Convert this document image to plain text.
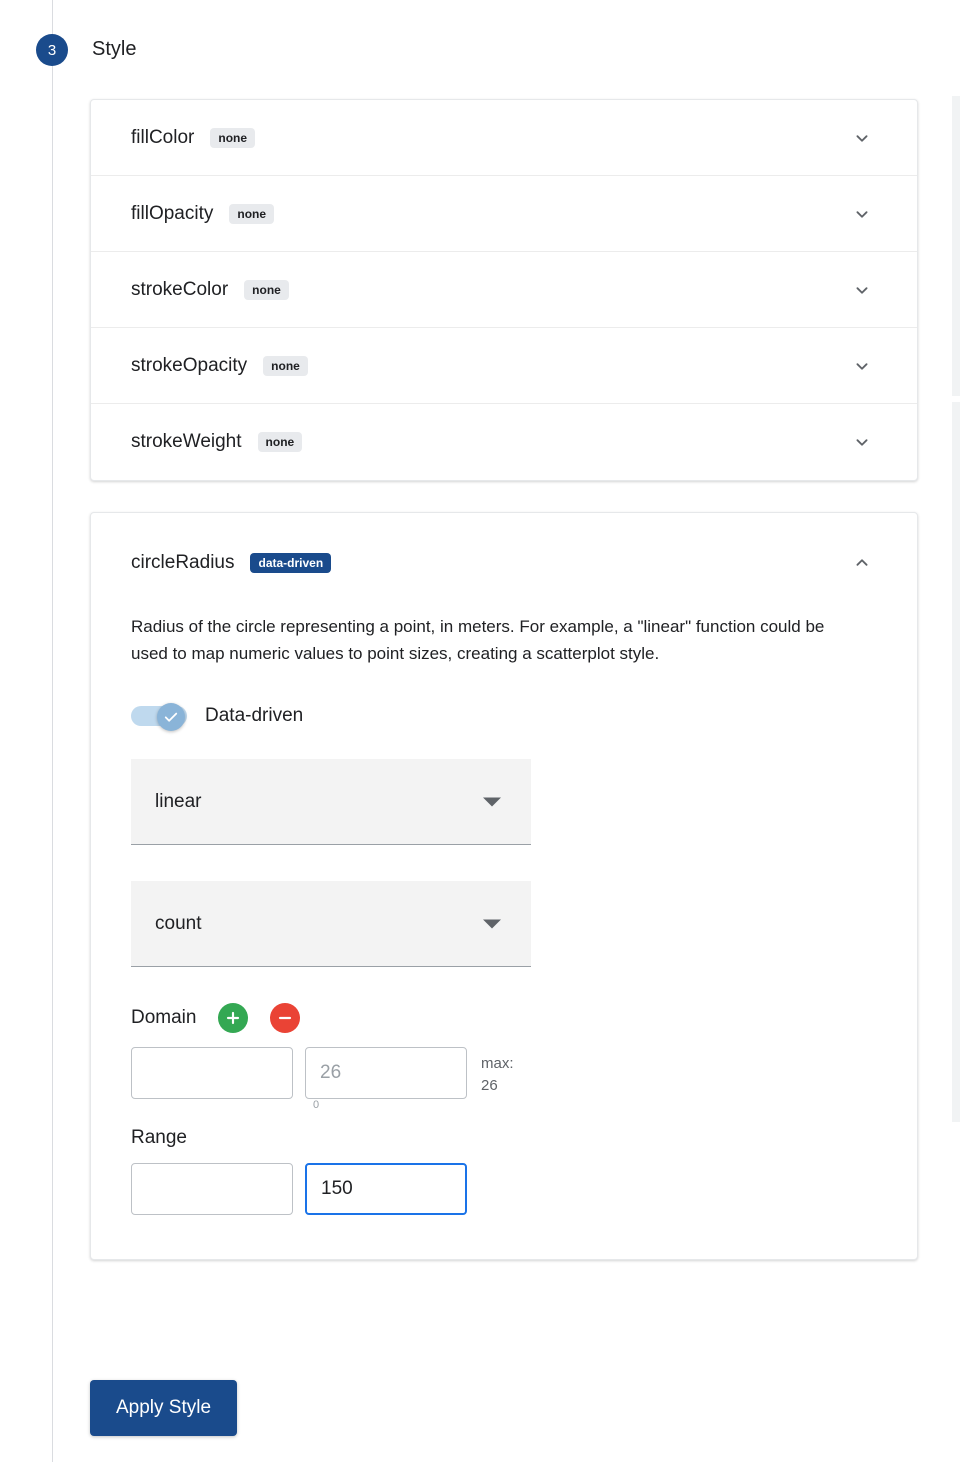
3	Style
fillColor	none
fillOpacity	none
strokeColor	none
strokeOpacity	none
strokeWeight	none
circleRadius	data-driven

Radius of the circle representing a point, in meters. For example, a "linear" function could be used to map numeric values to point sizes, creating a scatterplot style.

Data-driven
linear
count
Domain
26
max:
26
0
Range
150
Apply Style
